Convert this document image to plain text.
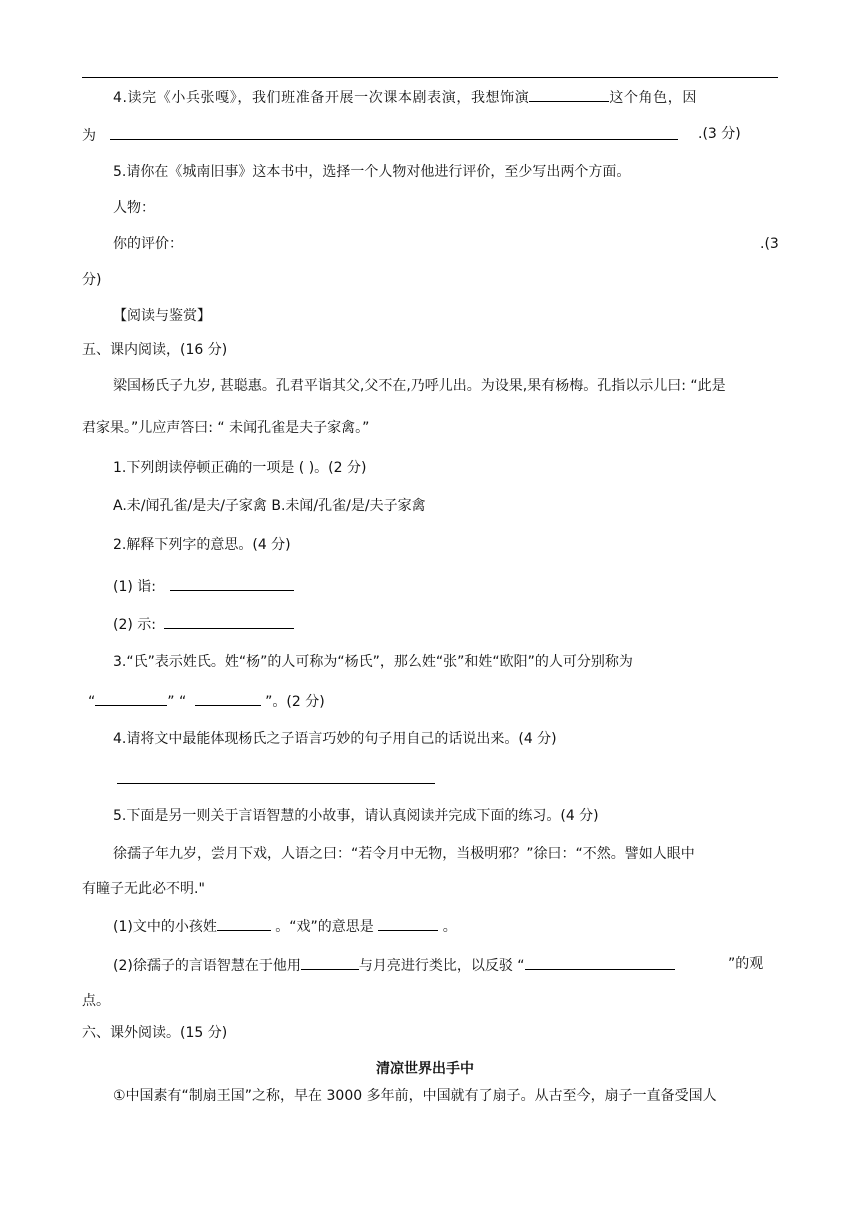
4.读完《小兵张嘎》，我们班准备开展一次课本剧表演，我想饰演	这个角色，因
为	.(3 分)
5.请你在《城南旧事》这本书中，选择一个人物对他进行评价，至少写出两个方面。
人物：
你的评价：	.(3
分)
【阅读与鉴赏】
五、课内阅读，(16 分)
梁国杨氏子九岁, 甚聪惠。孔君平诣其父,父不在,乃呼儿出。为设果,果有杨梅。孔指以示儿曰: “此是
君家果。”儿应声答曰: “ 未闻孔雀是夫子家禽。”
1.下列朗读停顿正确的一项是 ( )。(2 分)
A.未/闻孔雀/是夫/子家禽 B.未闻/孔雀/是/夫子家禽
2.解释下列字的意思。(4 分)
(1) 诣:
(2) 示:
3.“氏”表示姓氏。姓“杨”的人可称为“杨氏”，那么姓“张”和姓“欧阳”的人可分别称为
“	” “	”。(2 分)
4.请将文中最能体现杨氏之子语言巧妙的句子用自己的话说出来。(4 分)
5.下面是另一则关于言语智慧的小故事，请认真阅读并完成下面的练习。(4 分)
徐孺子年九岁，尝月下戏，人语之曰：“若令月中无物，当极明邪？”徐曰：“不然。譬如人眼中
有瞳子无此必不明."
(1)文中的小孩姓	。“戏”的意思是	。
(2)徐孺子的言语智慧在于他用	与月亮进行类比，以反驳 “	”的观
点。
六、课外阅读。(15 分)
清凉世界出手中
①中国素有“制扇王国”之称，早在 3000 多年前，中国就有了扇子。从古至今，扇子一直备受国人
